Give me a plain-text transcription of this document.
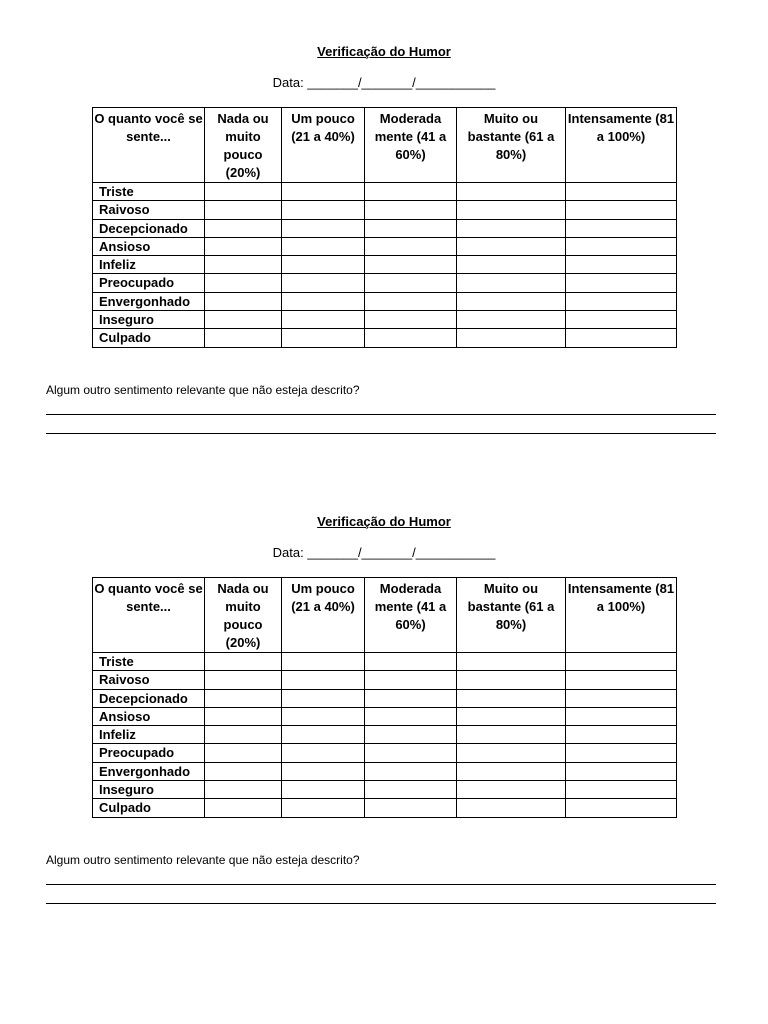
Verificação do Humor
Data: _______/_______/___________
O quanto você se sente...	Nada ou muito pouco (20%)	Um pouco (21 a 40%)	Moderada mente (41 a 60%)	Muito ou bastante (61 a 80%)	Intensamente (81 a 100%)
Triste					
Raivoso					
Decepcionado					
Ansioso					
Infeliz					
Preocupado					
Envergonhado					
Inseguro					
Culpado					
Algum outro sentimento relevante que não esteja descrito?
Verificação do Humor
Data: _______/_______/___________
O quanto você se sente...	Nada ou muito pouco (20%)	Um pouco (21 a 40%)	Moderada mente (41 a 60%)	Muito ou bastante (61 a 80%)	Intensamente (81 a 100%)
Triste					
Raivoso					
Decepcionado					
Ansioso					
Infeliz					
Preocupado					
Envergonhado					
Inseguro					
Culpado					
Algum outro sentimento relevante que não esteja descrito?
